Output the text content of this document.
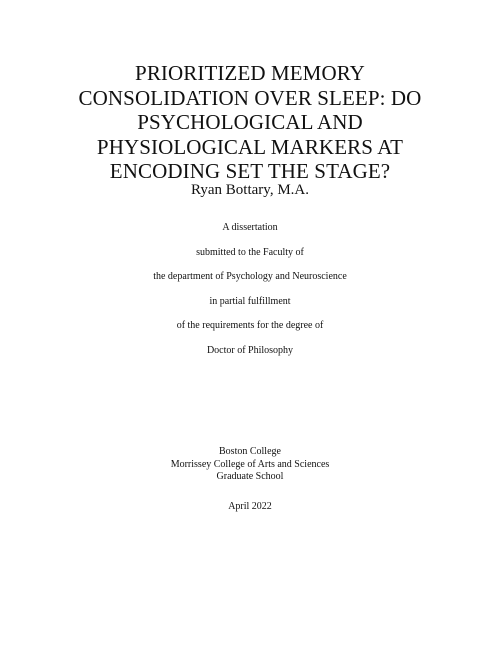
PRIORITIZED MEMORY
CONSOLIDATION OVER SLEEP: DO
PSYCHOLOGICAL AND
PHYSIOLOGICAL MARKERS AT
ENCODING SET THE STAGE?
Ryan Bottary, M.A.
A dissertation
submitted to the Faculty of
the department of Psychology and Neuroscience
in partial fulfillment
of the requirements for the degree of
Doctor of Philosophy
Boston College
Morrissey College of Arts and Sciences
Graduate School
April 2022
